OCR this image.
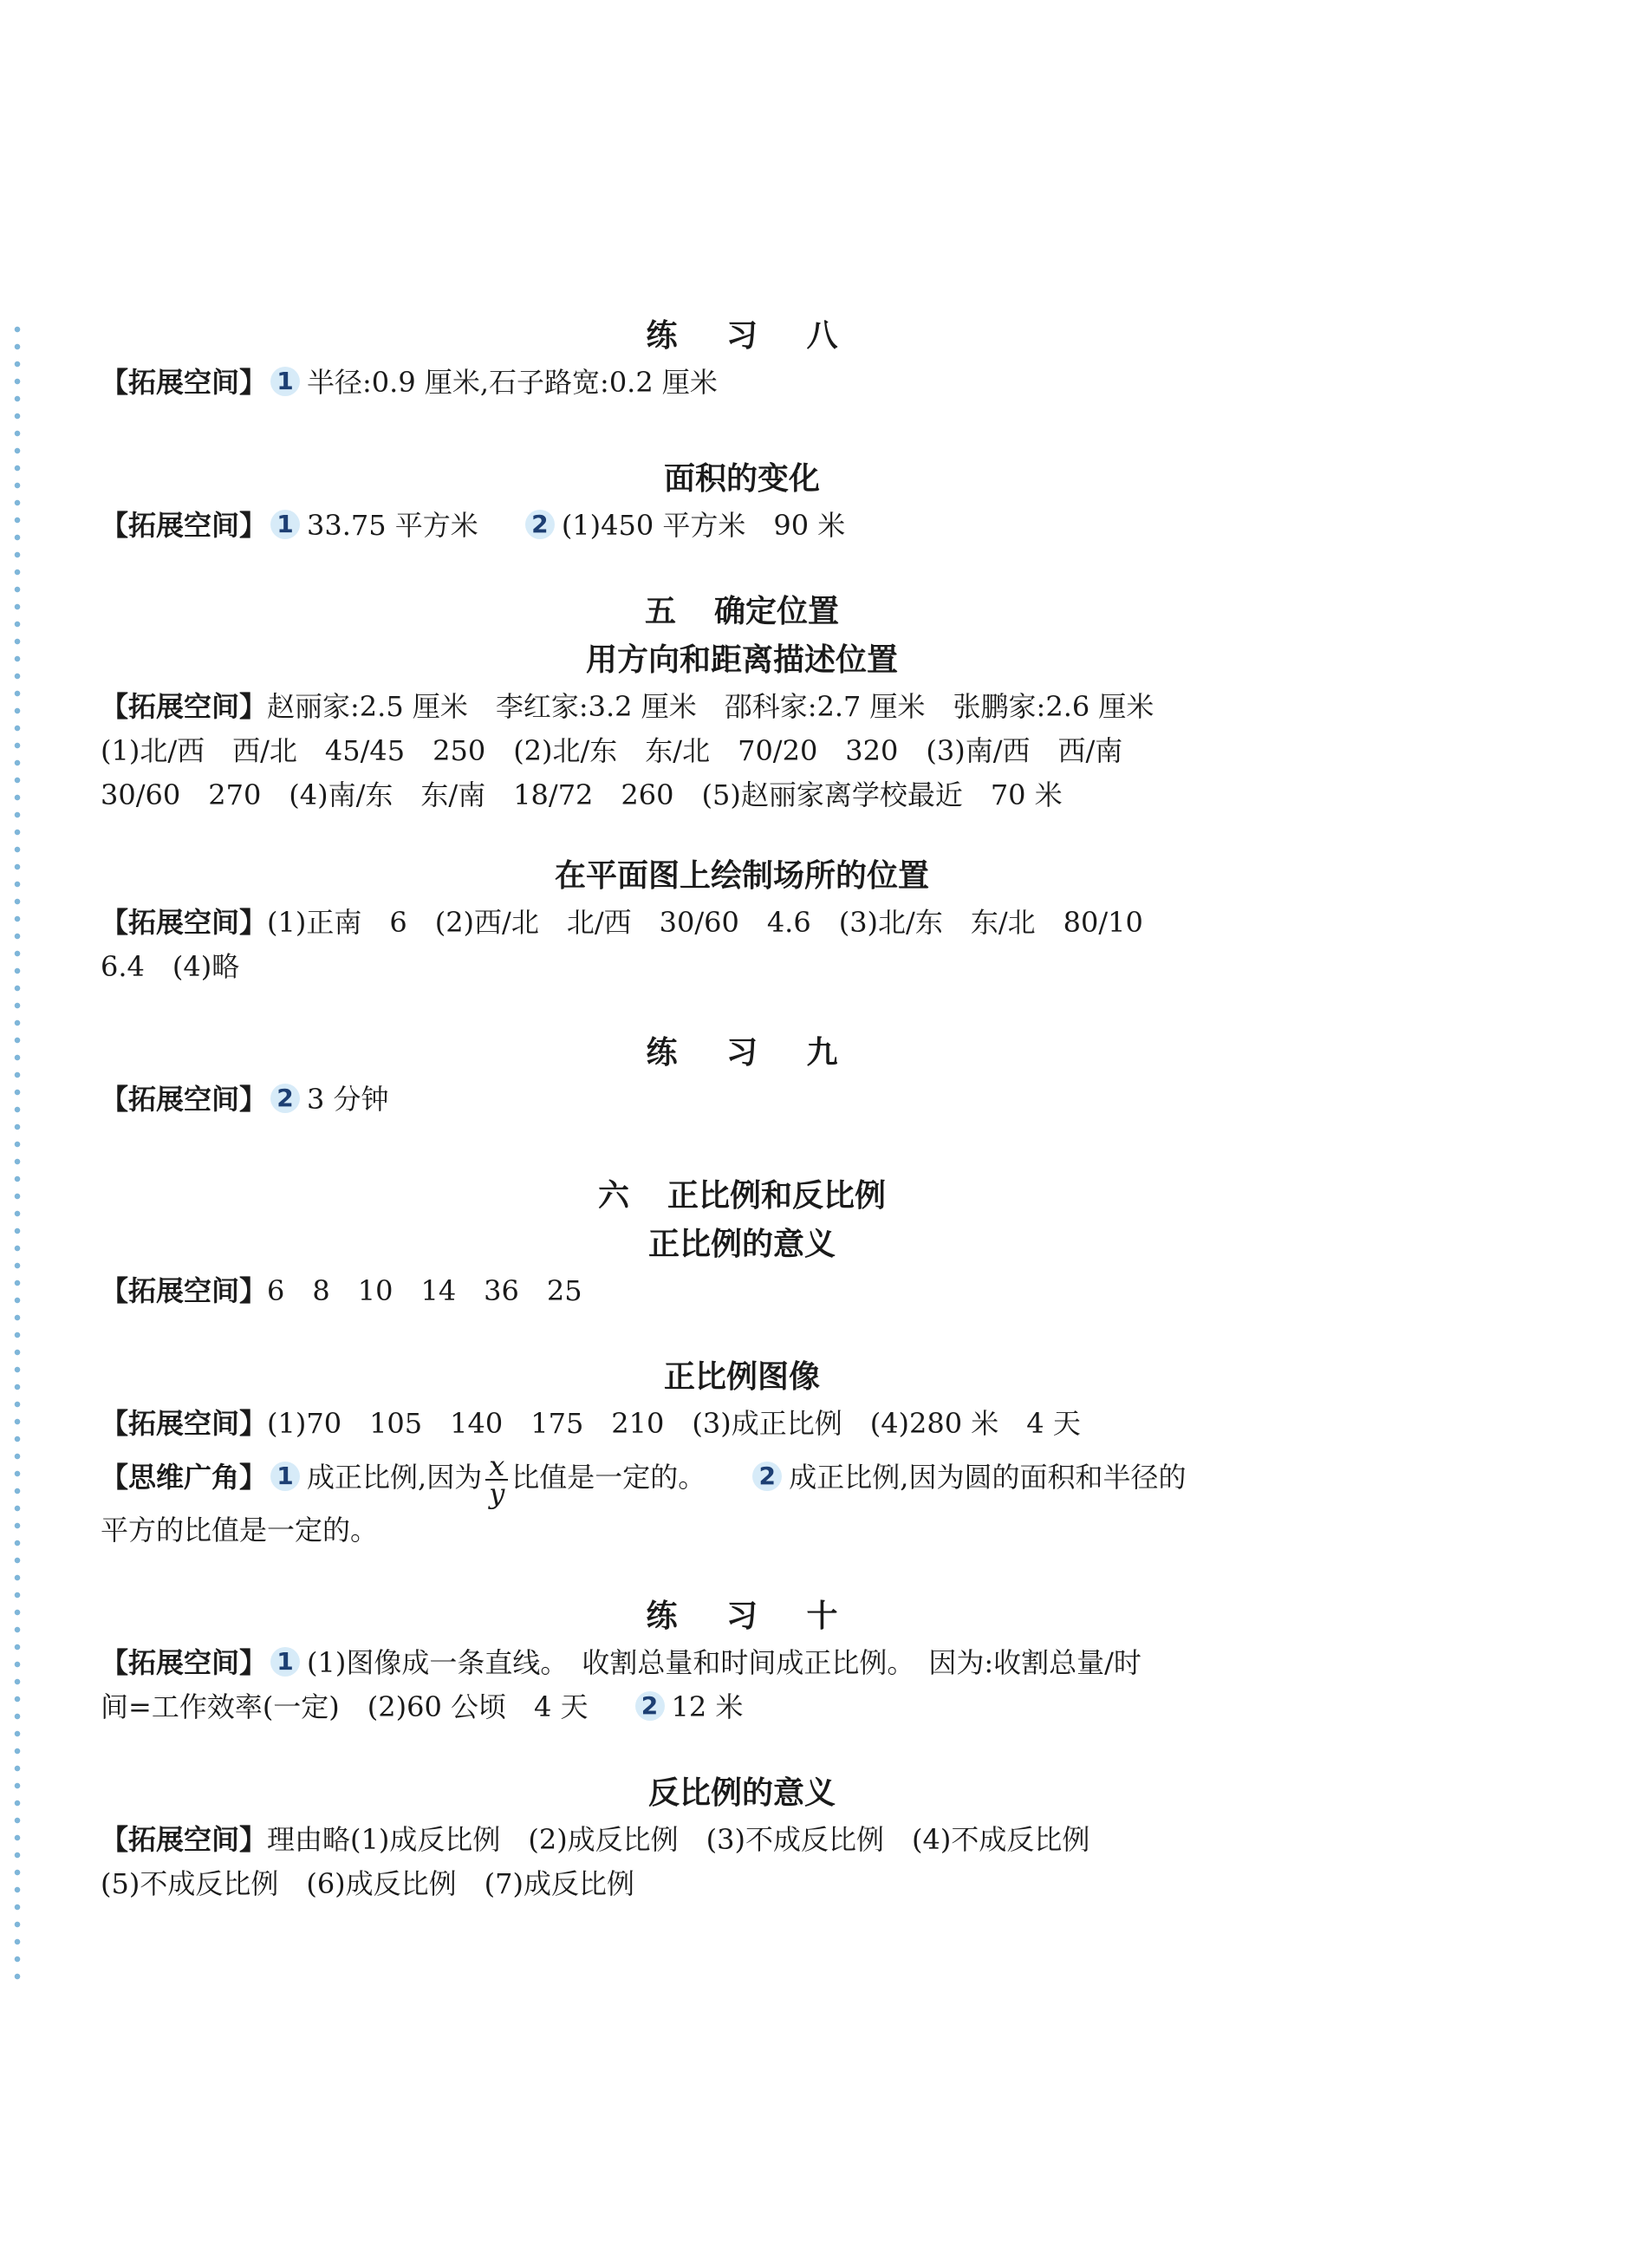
练 习 八

【拓展空间】 1 半径:0.9 厘米,石子路宽:0.2 厘米

面积的变化

【拓展空间】 1 33.75 平方米 2 (1)450 平方米　90 米

五 确定位置

用方向和距离描述位置

【拓展空间】赵丽家:2.5 厘米　李红家:3.2 厘米　邵科家:2.7 厘米　张鹏家:2.6 厘米

(1)北/西　西/北　45/45　250　(2)北/东　东/北　70/20　320　(3)南/西　西/南

30/60　270　(4)南/东　东/南　18/72　260　(5)赵丽家离学校最近　70 米

在平面图上绘制场所的位置

【拓展空间】(1)正南　6　(2)西/北　北/西　30/60　4.6　(3)北/东　东/北　80/10

6.4　(4)略

练 习 九

【拓展空间】 2 3 分钟

六 正比例和反比例

正比例的意义

【拓展空间】6　8　10　14　36　25

正比例图像

【拓展空间】(1)70　105　140　175　210　(3)成正比例　(4)280 米　4 天

【思维广角】 1 成正比例,因为 $\frac{x}{y}$ 比值是一定的。 2 成正比例,因为圆的面积和半径的

平方的比值是一定的。

练 习 十

【拓展空间】 1 (1)图像成一条直线。　收割总量和时间成正比例。　因为:收割总量/时

间=工作效率(一定)　(2)60 公顷　4 天 2 12 米

反比例的意义

【拓展空间】理由略(1)成反比例　(2)成反比例　(3)不成反比例　(4)不成反比例

(5)不成反比例　(6)成反比例　(7)成反比例
